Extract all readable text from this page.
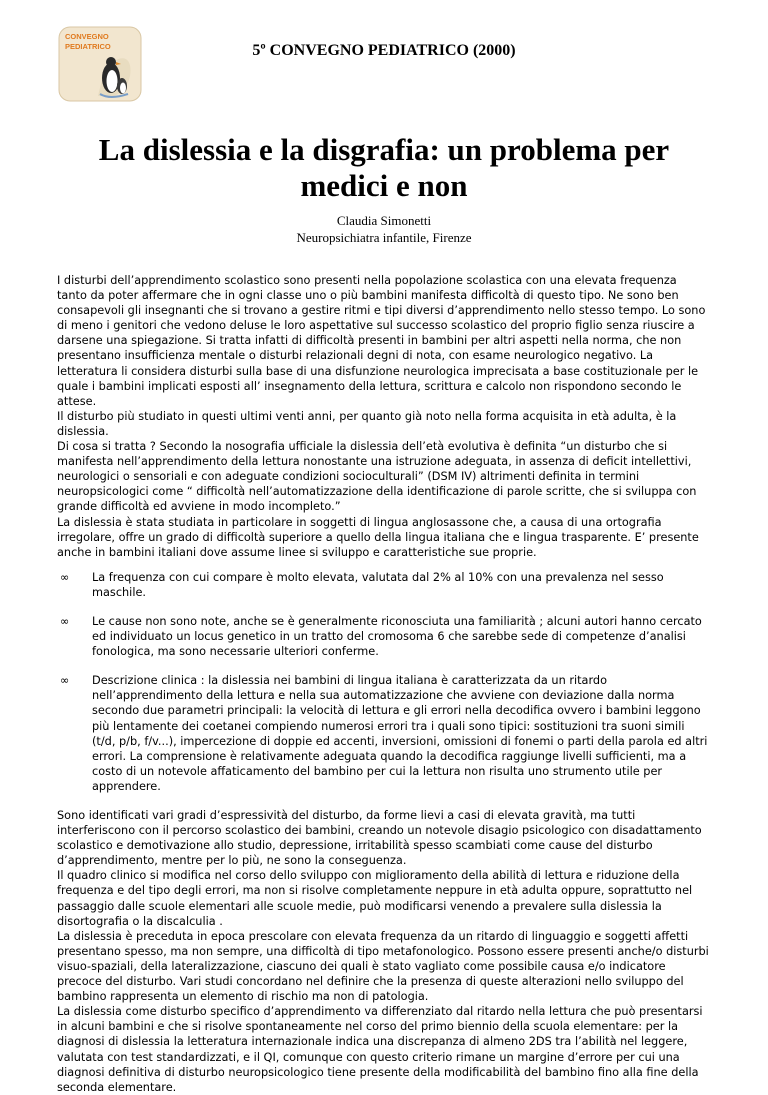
CONVEGNO
PEDIATRICO	5º CONVEGNO PEDIATRICO (2000)
La dislessia e la disgrafia: un problema per medici e non
Claudia Simonetti
Neuropsichiatra infantile, Firenze

I disturbi dell’apprendimento scolastico sono presenti nella popolazione scolastica con una elevata frequenza tanto da poter affermare che in ogni classe uno o più bambini manifesta difficoltà di questo tipo. Ne sono ben consapevoli gli insegnanti che si trovano a gestire ritmi e tipi diversi d’apprendimento nello stesso tempo. Lo sono di meno i genitori che vedono deluse le loro aspettative sul successo scolastico del proprio figlio senza riuscire a darsene una spiegazione. Si tratta infatti di difficoltà presenti in bambini per altri aspetti nella norma, che non presentano insufficienza mentale o disturbi relazionali degni di nota, con esame neurologico negativo. La letteratura li considera disturbi sulla base di una disfunzione neurologica imprecisata a base costituzionale per le quale i bambini implicati esposti all’ insegnamento della lettura, scrittura e calcolo non rispondono secondo le attese.

Il disturbo più studiato in questi ultimi venti anni, per quanto già noto nella forma acquisita in età adulta, è la dislessia.

Di cosa si tratta ? Secondo la nosografia ufficiale la dislessia dell’età evolutiva è definita “un disturbo che si manifesta nell’apprendimento della lettura nonostante una istruzione adeguata, in assenza di deficit intellettivi, neurologici o sensoriali e con adeguate condizioni socioculturali” (DSM IV) altrimenti definita in termini neuropsicologici come “ difficoltà nell’automatizzazione della identificazione di parole scritte, che si sviluppa con grande difficoltà ed avviene in modo incompleto.”

La dislessia è stata studiata in particolare in soggetti di lingua anglosassone che, a causa di una ortografia irregolare, offre un grado di difficoltà superiore a quello della lingua italiana che e lingua trasparente. E’ presente anche in bambini italiani dove assume linee si sviluppo e caratteristiche sue proprie.

∞ La frequenza con cui compare è molto elevata, valutata dal 2% al 10% con una prevalenza nel sesso maschile.
∞ Le cause non sono note, anche se è generalmente riconosciuta una familiarità ; alcuni autori hanno cercato ed individuato un locus genetico in un tratto del cromosoma 6 che sarebbe sede di competenze d’analisi fonologica, ma sono necessarie ulteriori conferme.
∞ Descrizione clinica : la dislessia nei bambini di lingua italiana è caratterizzata da un ritardo nell’apprendimento della lettura e nella sua automatizzazione che avviene con deviazione dalla norma secondo due parametri principali: la velocità di lettura e gli errori nella decodifica ovvero i bambini leggono più lentamente dei coetanei compiendo numerosi errori tra i quali sono tipici: sostituzioni tra suoni simili (t/d, p/b, f/v...), impercezione di doppie ed accenti, inversioni, omissioni di fonemi o parti della parola ed altri errori. La comprensione è relativamente adeguata quando la decodifica raggiunge livelli sufficienti, ma a costo di un notevole affaticamento del bambino per cui la lettura non risulta uno strumento utile per apprendere.

Sono identificati vari gradi d’espressività del disturbo, da forme lievi a casi di elevata gravità, ma tutti interferiscono con il percorso scolastico dei bambini, creando un notevole disagio psicologico con disadattamento scolastico e demotivazione allo studio, depressione, irritabilità spesso scambiati come cause del disturbo d’apprendimento, mentre per lo più, ne sono la conseguenza.

Il quadro clinico si modifica nel corso dello sviluppo con miglioramento della abilità di lettura e riduzione della frequenza e del tipo degli errori, ma non si risolve completamente neppure in età adulta oppure, soprattutto nel passaggio dalle scuole elementari alle scuole medie, può modificarsi venendo a prevalere sulla dislessia la disortografia o la discalculia .

La dislessia è preceduta in epoca prescolare con elevata frequenza da un ritardo di linguaggio e soggetti affetti presentano spesso, ma non sempre, una difficoltà di tipo metafonologico. Possono essere presenti anche/o disturbi visuo-spaziali, della lateralizzazione, ciascuno dei quali è stato vagliato come possibile causa e/o indicatore precoce del disturbo. Vari studi concordano nel definire che la presenza di queste alterazioni nello sviluppo del bambino rappresenta un elemento di rischio ma non di patologia.

La dislessia come disturbo specifico d’apprendimento va differenziato dal ritardo nella lettura che può presentarsi in alcuni bambini e che si risolve spontaneamente nel corso del primo biennio della scuola elementare: per la diagnosi di dislessia la letteratura internazionale indica una discrepanza di almeno 2DS tra l’abilità nel leggere, valutata con test standardizzati, e il QI, comunque con questo criterio rimane un margine d’errore per cui una diagnosi definitiva di disturbo neuropsicologico tiene presente della modificabilità del bambino fino alla fine della seconda elementare.
